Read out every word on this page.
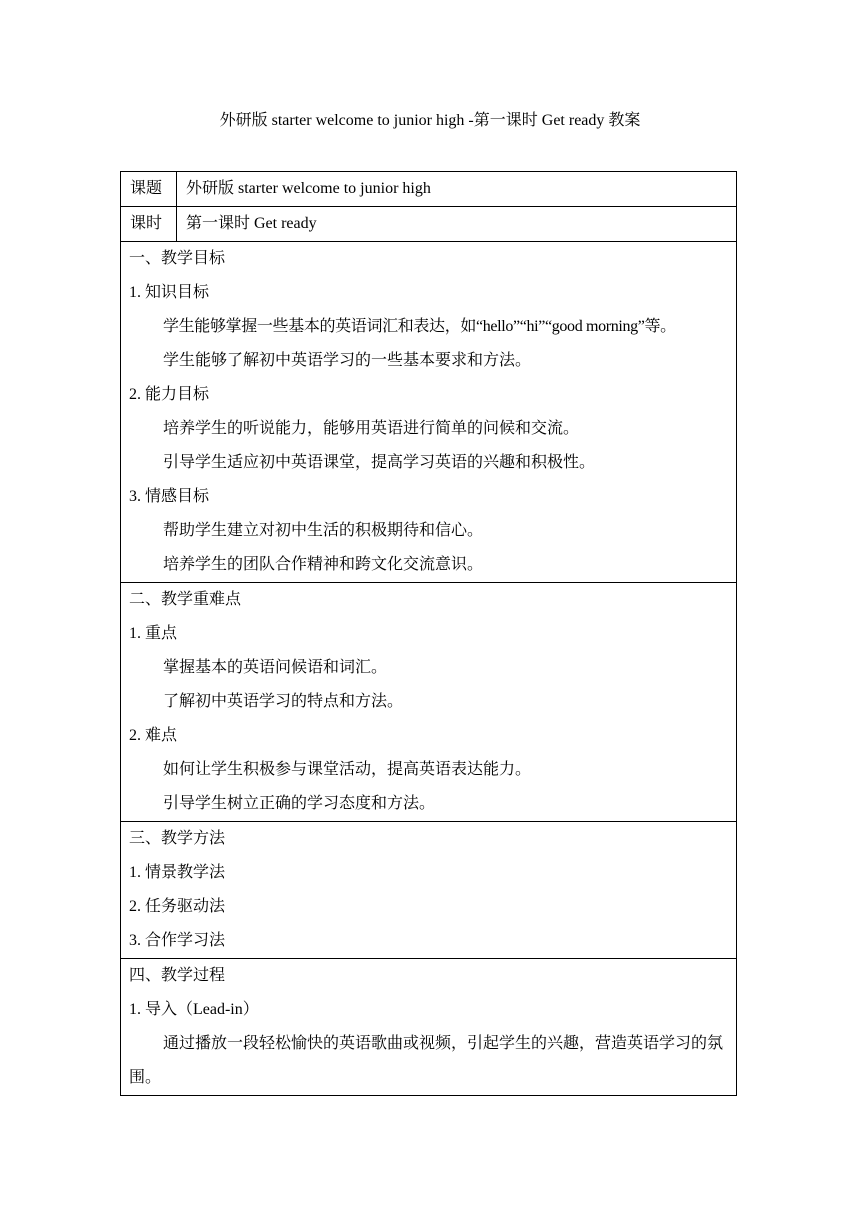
外研版 starter welcome to junior high -第一课时 Get ready 教案
课题	外研版 starter welcome to junior high
课时	第一课时 Get ready
一、教学目标
1. 知识目标
学生能够掌握一些基本的英语词汇和表达，如“hello”“hi”“good morning”等。
学生能够了解初中英语学习的一些基本要求和方法。
2. 能力目标
培养学生的听说能力，能够用英语进行简单的问候和交流。
引导学生适应初中英语课堂，提高学习英语的兴趣和积极性。
3. 情感目标
帮助学生建立对初中生活的积极期待和信心。
培养学生的团队合作精神和跨文化交流意识。
二、教学重难点
1. 重点
掌握基本的英语问候语和词汇。
了解初中英语学习的特点和方法。
2. 难点
如何让学生积极参与课堂活动，提高英语表达能力。
引导学生树立正确的学习态度和方法。
三、教学方法
1. 情景教学法
2. 任务驱动法
3. 合作学习法
四、教学过程
1. 导入（Lead-in）
通过播放一段轻松愉快的英语歌曲或视频，引起学生的兴趣，营造英语学习的氛围。
